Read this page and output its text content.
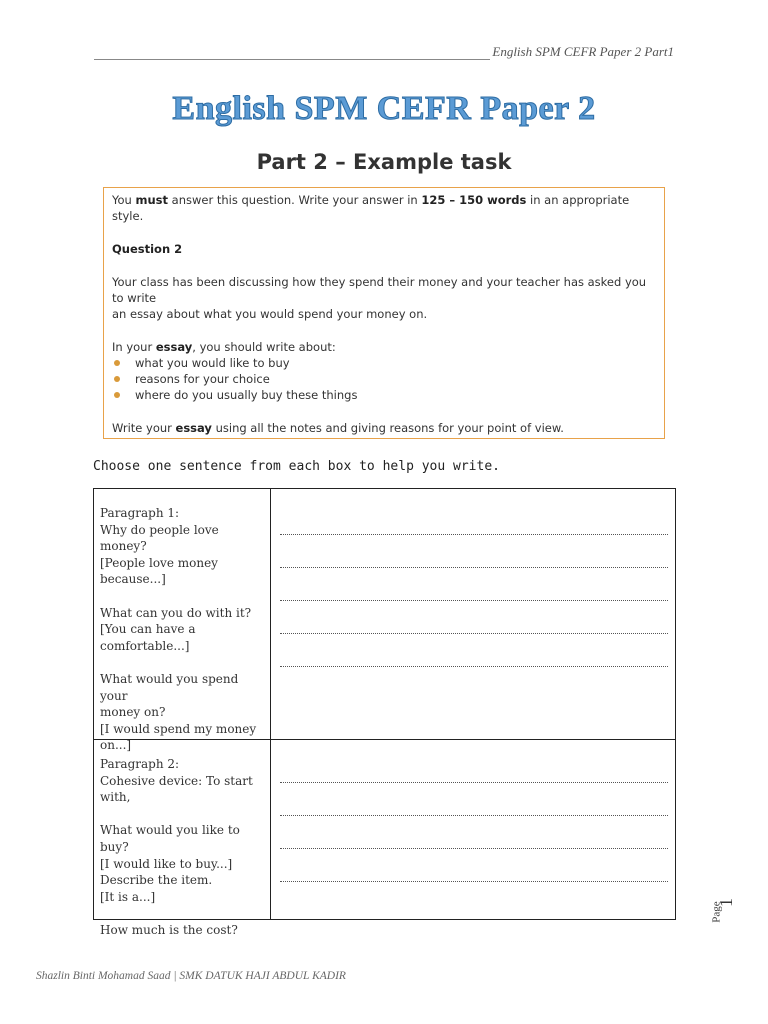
English SPM CEFR Paper 2 Part1
English SPM CEFR Paper 2
Part 2 – Example task

You must answer this question. Write your answer in 125 – 150 words in an appropriate style.

Question 2

Your class has been discussing how they spend their money and your teacher has asked you to write

an essay about what you would spend your money on.

In your essay, you should write about:

what you would like to buy
reasons for your choice
where do you usually buy these things

Write your essay using all the notes and giving reasons for your point of view.

Choose one sentence from each box to help you write.
Paragraph 1:
Why do people love money?
[People love money
because...]
What can you do with it?
[You can have a
comfortable...]
What would you spend your
money on?
[I would spend my money
on...]
Paragraph 2:
Cohesive device: To start
with,
What would you like to buy?
[I would like to buy...]
Describe the item.
[It is a...]
How much is the cost?
Page
1
Shazlin Binti Mohamad Saad | SMK DATUK HAJI ABDUL KADIR
